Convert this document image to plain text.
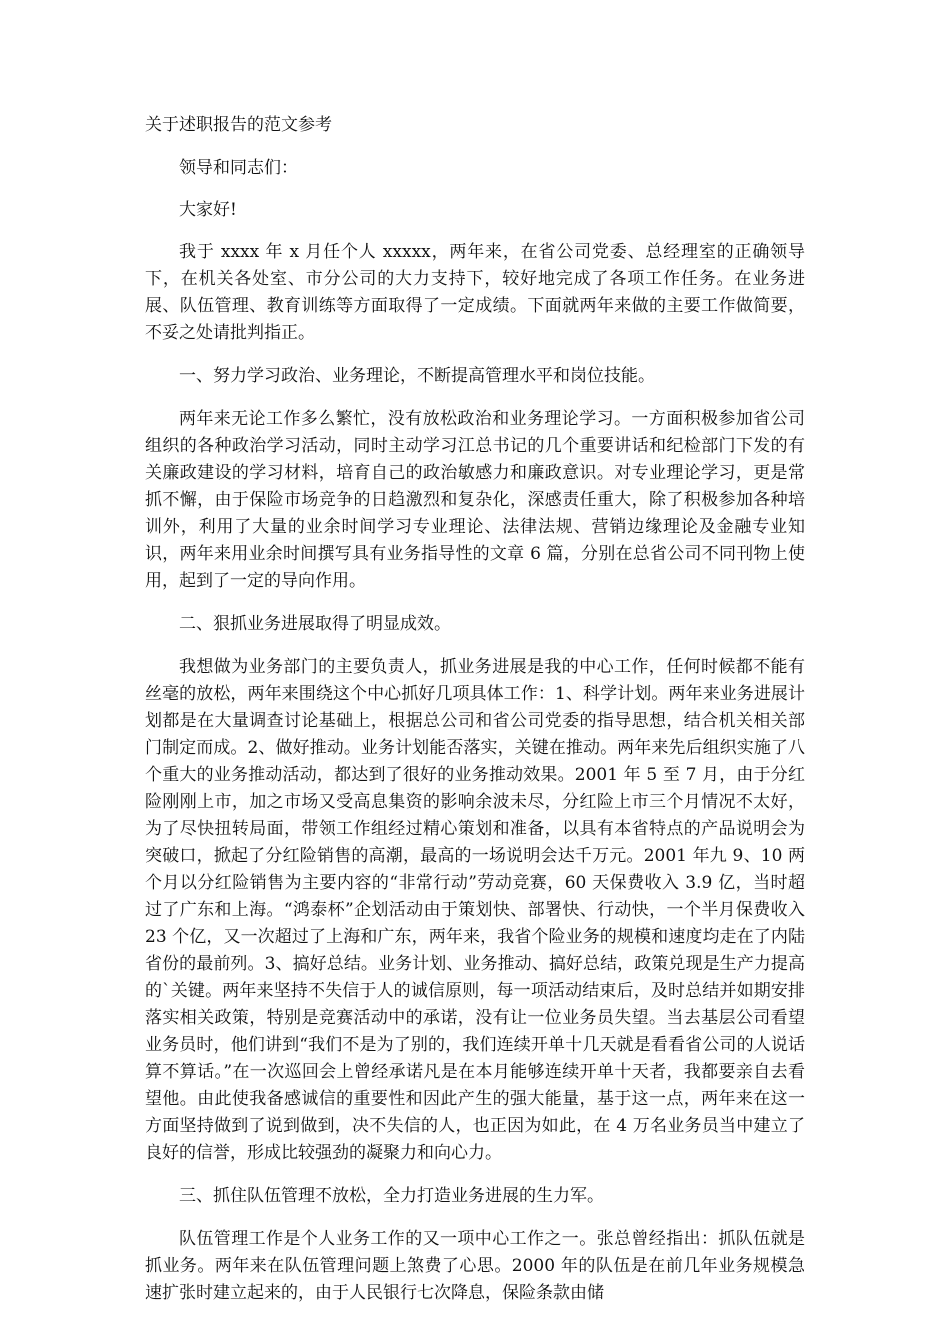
关于述职报告的范文参考

领导和同志们：

大家好!

我于 xxxx 年 x 月任个人 xxxxx，两年来，在省公司党委、总经理室的正确领导下，在机关各处室、市分公司的大力支持下，较好地完成了各项工作任务。在业务进展、队伍管理、教育训练等方面取得了一定成绩。下面就两年来做的主要工作做简要，不妥之处请批判指正。

一、努力学习政治、业务理论，不断提高管理水平和岗位技能。

两年来无论工作多么繁忙，没有放松政治和业务理论学习。一方面积极参加省公司组织的各种政治学习活动，同时主动学习江总书记的几个重要讲话和纪检部门下发的有关廉政建设的学习材料，培育自己的政治敏感力和廉政意识。对专业理论学习，更是常抓不懈，由于保险市场竞争的日趋激烈和复杂化，深感责任重大，除了积极参加各种培训外，利用了大量的业余时间学习专业理论、法律法规、营销边缘理论及金融专业知识，两年来用业余时间撰写具有业务指导性的文章 6 篇，分别在总省公司不同刊物上使用，起到了一定的导向作用。

二、狠抓业务进展取得了明显成效。

我想做为业务部门的主要负责人，抓业务进展是我的中心工作，任何时候都不能有丝毫的放松，两年来围绕这个中心抓好几项具体工作：1、科学计划。两年来业务进展计划都是在大量调查讨论基础上，根据总公司和省公司党委的指导思想，结合机关相关部门制定而成。2、做好推动。业务计划能否落实，关键在推动。两年来先后组织实施了八个重大的业务推动活动，都达到了很好的业务推动效果。2001 年 5 至 7 月，由于分红险刚刚上市，加之市场又受高息集资的影响余波未尽，分红险上市三个月情况不太好，为了尽快扭转局面，带领工作组经过精心策划和准备，以具有本省特点的产品说明会为突破口，掀起了分红险销售的高潮，最高的一场说明会达千万元。2001 年九 9、10 两个月以分红险销售为主要内容的“非常行动”劳动竞赛，60 天保费收入 3.9 亿，当时超过了广东和上海。“鸿泰杯”企划活动由于策划快、部署快、行动快，一个半月保费收入 23 个亿，又一次超过了上海和广东，两年来，我省个险业务的规模和速度均走在了内陆省份的最前列。3、搞好总结。业务计划、业务推动、搞好总结，政策兑现是生产力提高的`关键。两年来坚持不失信于人的诚信原则，每一项活动结束后，及时总结并如期安排落实相关政策，特别是竞赛活动中的承诺，没有让一位业务员失望。当去基层公司看望业务员时，他们讲到“我们不是为了别的，我们连续开单十几天就是看看省公司的人说话算不算话。”在一次巡回会上曾经承诺凡是在本月能够连续开单十天者，我都要亲自去看望他。由此使我备感诚信的重要性和因此产生的强大能量，基于这一点，两年来在这一方面坚持做到了说到做到，决不失信的人，也正因为如此，在 4 万名业务员当中建立了良好的信誉，形成比较强劲的凝聚力和向心力。

三、抓住队伍管理不放松，全力打造业务进展的生力军。

队伍管理工作是个人业务工作的又一项中心工作之一。张总曾经指出：抓队伍就是抓业务。两年来在队伍管理问题上煞费了心思。2000 年的队伍是在前几年业务规模急速扩张时建立起来的，由于人民银行七次降息，保险条款由储
